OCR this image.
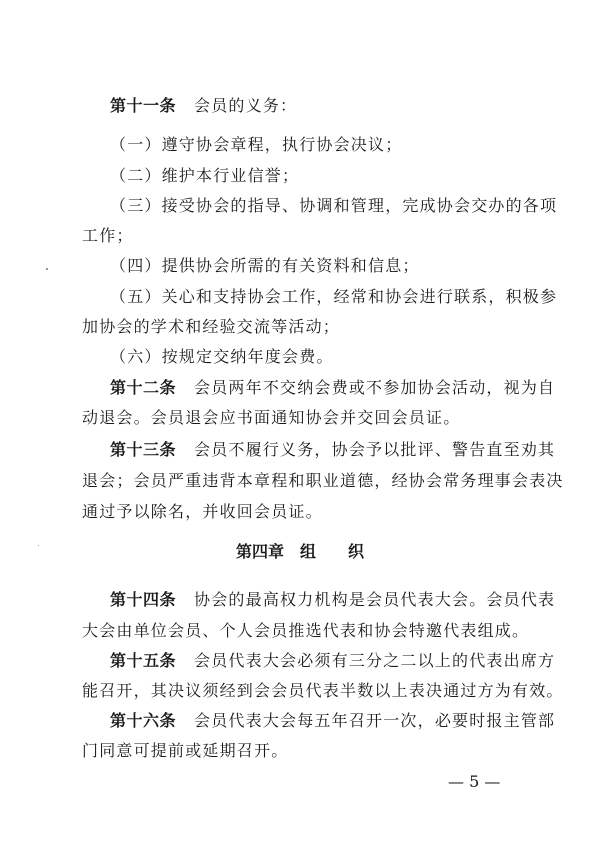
第十一条 会员的义务：
（一）遵守协会章程，执行协会决议；
（二）维护本行业信誉；
（三）接受协会的指导、协调和管理，完成协会交办的各项
工作；
（四）提供协会所需的有关资料和信息；
（五）关心和支持协会工作，经常和协会进行联系，积极参
加协会的学术和经验交流等活动；
（六）按规定交纳年度会费。
第十二条 会员两年不交纳会费或不参加协会活动，视为自
动退会。会员退会应书面通知协会并交回会员证。
第十三条 会员不履行义务，协会予以批评、警告直至劝其
退会；会员严重违背本章程和职业道德，经协会常务理事会表决
通过予以除名，并收回会员证。
第四章　组　　织
第十四条 协会的最高权力机构是会员代表大会。会员代表
大会由单位会员、个人会员推选代表和协会特邀代表组成。
第十五条 会员代表大会必须有三分之二以上的代表出席方
能召开，其决议须经到会会员代表半数以上表决通过方为有效。
第十六条 会员代表大会每五年召开一次，必要时报主管部
门同意可提前或延期召开。
— 5 —
